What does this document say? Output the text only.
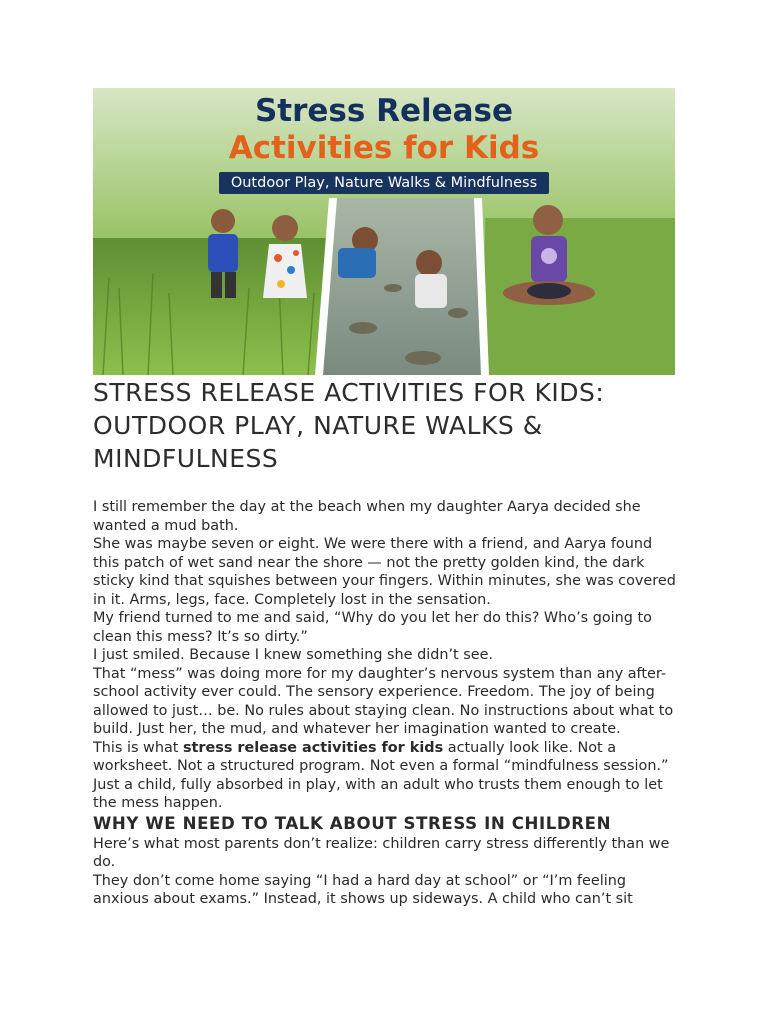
Stress Release
Activities for Kids
Outdoor Play, Nature Walks & Mindfulness
STRESS RELEASE ACTIVITIES FOR KIDS: OUTDOOR PLAY, NATURE WALKS & MINDFULNESS

I still remember the day at the beach when my daughter Aarya decided she wanted a mud bath.

She was maybe seven or eight. We were there with a friend, and Aarya found this patch of wet sand near the shore — not the pretty golden kind, the dark sticky kind that squishes between your fingers. Within minutes, she was covered in it. Arms, legs, face. Completely lost in the sensation.

My friend turned to me and said, “Why do you let her do this? Who’s going to clean this mess? It’s so dirty.”

I just smiled. Because I knew something she didn’t see.

That “mess” was doing more for my daughter’s nervous system than any after-school activity ever could. The sensory experience. Freedom. The joy of being allowed to just… be. No rules about staying clean. No instructions about what to build. Just her, the mud, and whatever her imagination wanted to create.

This is what stress release activities for kids actually look like. Not a worksheet. Not a structured program. Not even a formal “mindfulness session.” Just a child, fully absorbed in play, with an adult who trusts them enough to let the mess happen.

WHY WE NEED TO TALK ABOUT STRESS IN CHILDREN

Here’s what most parents don’t realize: children carry stress differently than we do.

They don’t come home saying “I had a hard day at school” or “I’m feeling anxious about exams.” Instead, it shows up sideways. A child who can’t sit
